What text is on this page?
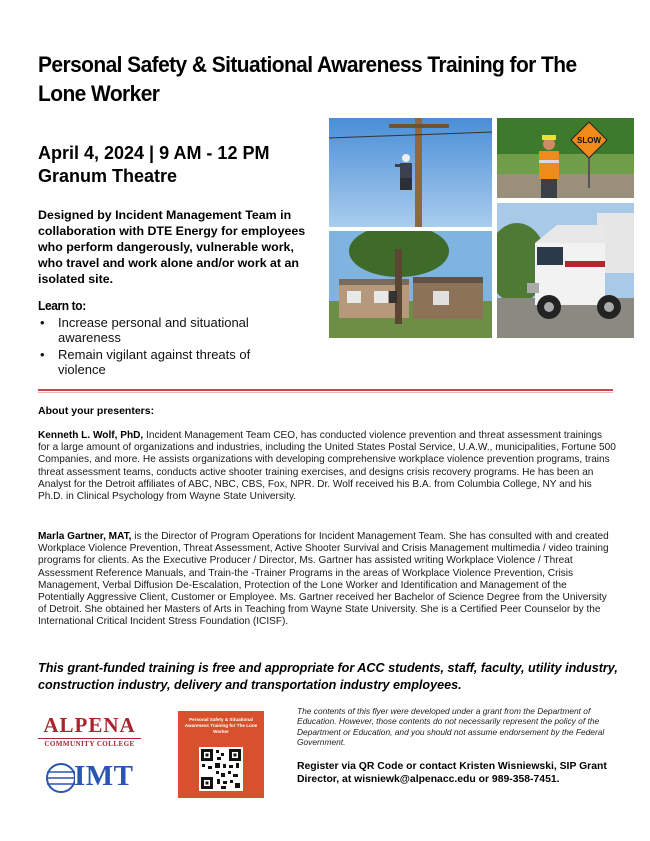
Personal Safety & Situational Awareness Training for The Lone Worker
April 4, 2024 | 9 AM - 12 PM
Granum Theatre
Designed by Incident Management Team in collaboration with DTE Energy for employees who perform dangerously, vulnerable work, who travel and work alone and/or work at an isolated site.
Learn to:
• Increase personal and situational awareness
• Remain vigilant against threats of violence
SLOW
About your presenters:
Kenneth L. Wolf, PhD, Incident Management Team CEO, has conducted violence prevention and threat assessment trainings for a large amount of organizations and industries, including the United States Postal Service, U.A.W., municipalities, Fortune 500 Companies, and more. He assists organizations with developing comprehensive workplace violence prevention programs, trains threat assessment teams, conducts active shooter training exercises, and designs crisis recovery programs. He has been an Analyst for the Detroit affiliates of ABC, NBC, CBS, Fox, NPR. Dr. Wolf received his B.A. from Columbia College, NY and his Ph.D. in Clinical Psychology from Wayne State University.
Marla Gartner, MAT, is the Director of Program Operations for Incident Management Team. She has consulted with and created Workplace Violence Prevention, Threat Assessment, Active Shooter Survival and Crisis Management multimedia / video training programs for clients. As the Executive Producer / Director, Ms. Gartner has assisted writing Workplace Violence / Threat Assessment Reference Manuals, and Train-the -Trainer Programs in the areas of Workplace Violence Prevention, Crisis Management, Verbal Diffusion De-Escalation, Protection of the Lone Worker and Identification and Management of the Potentially Aggressive Client, Customer or Employee. Ms. Gartner received her Bachelor of Science Degree from the University of Detroit. She obtained her Masters of Arts in Teaching from Wayne State University. She is a Certified Peer Counselor by the International Critical Incident Stress Foundation (ICISF).
This grant-funded training is free and appropriate for ACC students, staff, faculty, utility industry, construction industry, delivery and transportation industry employees.
ALPENA
COMMUNITY COLLEGE
IMT
Personal Safety & Situational Awareness Training for The Lone Worker
The contents of this flyer were developed under a grant from the Department of Education. However, those contents do not necessarily represent the policy of the Department or Education, and you should not assume endorsement by the Federal Government.
Register via QR Code or contact Kristen Wisniewski, SIP Grant Director, at wisniewk@alpenacc.edu or 989-358-7451.
